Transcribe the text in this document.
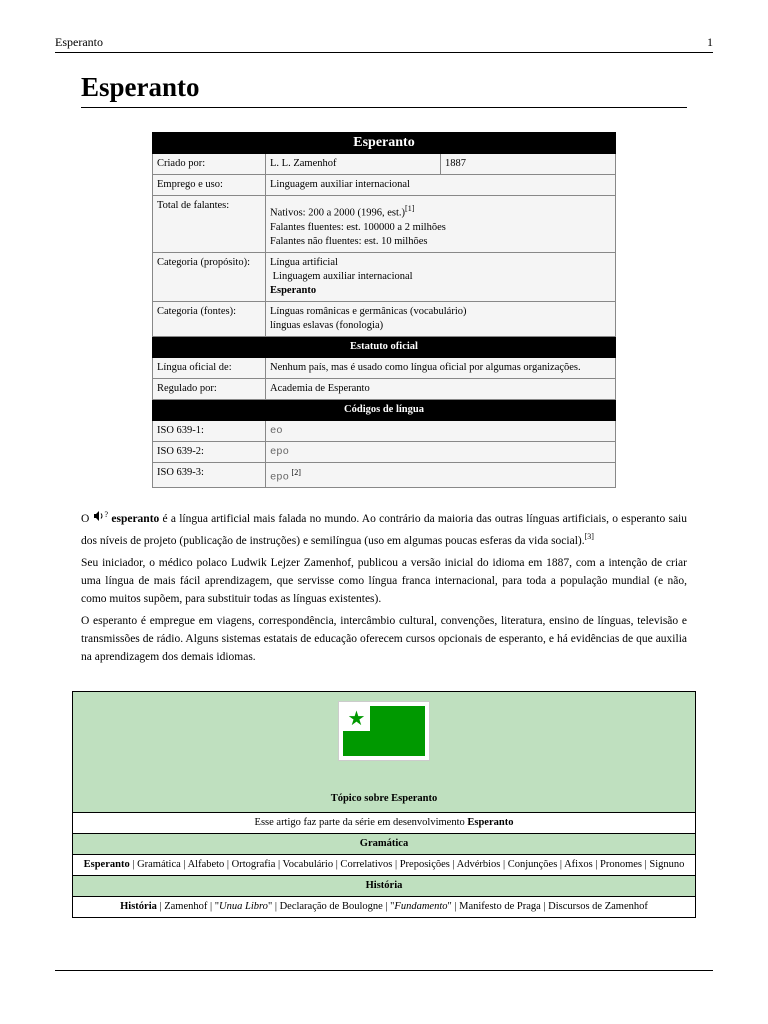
Esperanto	1
Esperanto
Esperanto		
Criado por:	L. L. Zamenhof	1887
Emprego e uso:	Linguagem auxiliar internacional	
Total de falantes:	Nativos: 200 a 2000 (1996, est.)[1]
Falantes fluentes: est. 100000 a 2 milhões
Falantes não fluentes: est. 10 milhões	

Categoria (propósito):	Língua artificial
Linguagem auxiliar internacional
Esperanto	

Categoria (fontes):	Línguas românicas e germânicas (vocabulário)
línguas eslavas (fonologia)	

Estatuto oficial		
Língua oficial de:	Nenhum país, mas é usado como língua oficial por algumas organizações.	
Regulado por:	Academia de Esperanto	
Códigos de língua		
ISO 639-1:	eo	
ISO 639-2:	epo	
ISO 639-3:	epo [2]

O ? esperanto é a língua artificial mais falada no mundo. Ao contrário da maioria das outras línguas artificiais, o esperanto saiu dos níveis de projeto (publicação de instruções) e semilíngua (uso em algumas poucas esferas da vida social).[3]

Seu iniciador, o médico polaco Ludwik Lejzer Zamenhof, publicou a versão inicial do idioma em 1887, com a intenção de criar uma língua de mais fácil aprendizagem, que servisse como língua franca internacional, para toda a população mundial (e não, como muitos supõem, para substituir todas as línguas existentes).

O esperanto é empregue em viagens, correspondência, intercâmbio cultural, convenções, literatura, ensino de línguas, televisão e transmissões de rádio. Alguns sistemas estatais de educação oferecem cursos opcionais de esperanto, e há evidências de que auxilia na aprendizagem dos demais idiomas.

★
Tópico sobre Esperanto

Esse artigo faz parte da série em desenvolvimento Esperanto
Gramática
Esperanto | Gramática | Alfabeto | Ortografia | Vocabulário | Correlativos | Preposições | Advérbios | Conjunções | Afixos | Pronomes | Signuno
História
História | Zamenhof | "Unua Libro" | Declaração de Boulogne | "Fundamento" | Manifesto de Praga | Discursos de Zamenhof
